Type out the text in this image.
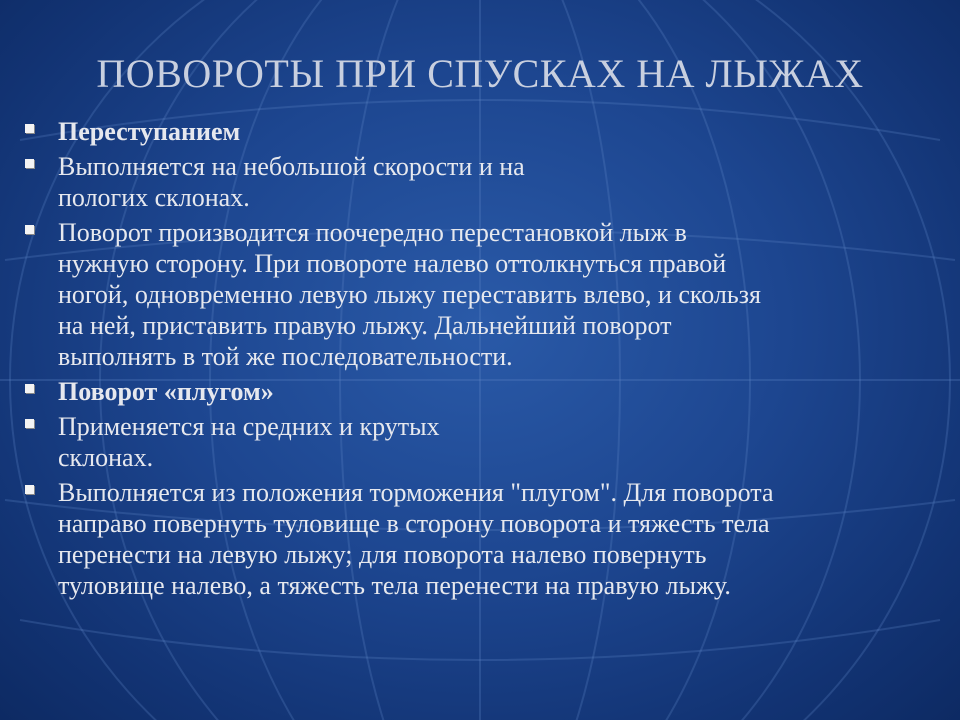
ПОВОРОТЫ ПРИ СПУСКАХ НА ЛЫЖАХ
Переступанием
Выполняется на небольшой скорости и на
пологих склонах.
Поворот производится поочередно перестановкой лыж в
нужную сторону. При повороте налево оттолкнуться правой
ногой, одновременно левую лыжу переставить влево, и скользя
на ней, приставить правую лыжу. Дальнейший поворот
выполнять в той же последовательности.
Поворот «плугом»
Применяется на средних и крутых
склонах.
Выполняется из положения торможения "плугом". Для поворота
направо повернуть туловище в сторону поворота и тяжесть тела
перенести на левую лыжу; для поворота налево повернуть
туловище налево, а тяжесть тела перенести на правую лыжу.
